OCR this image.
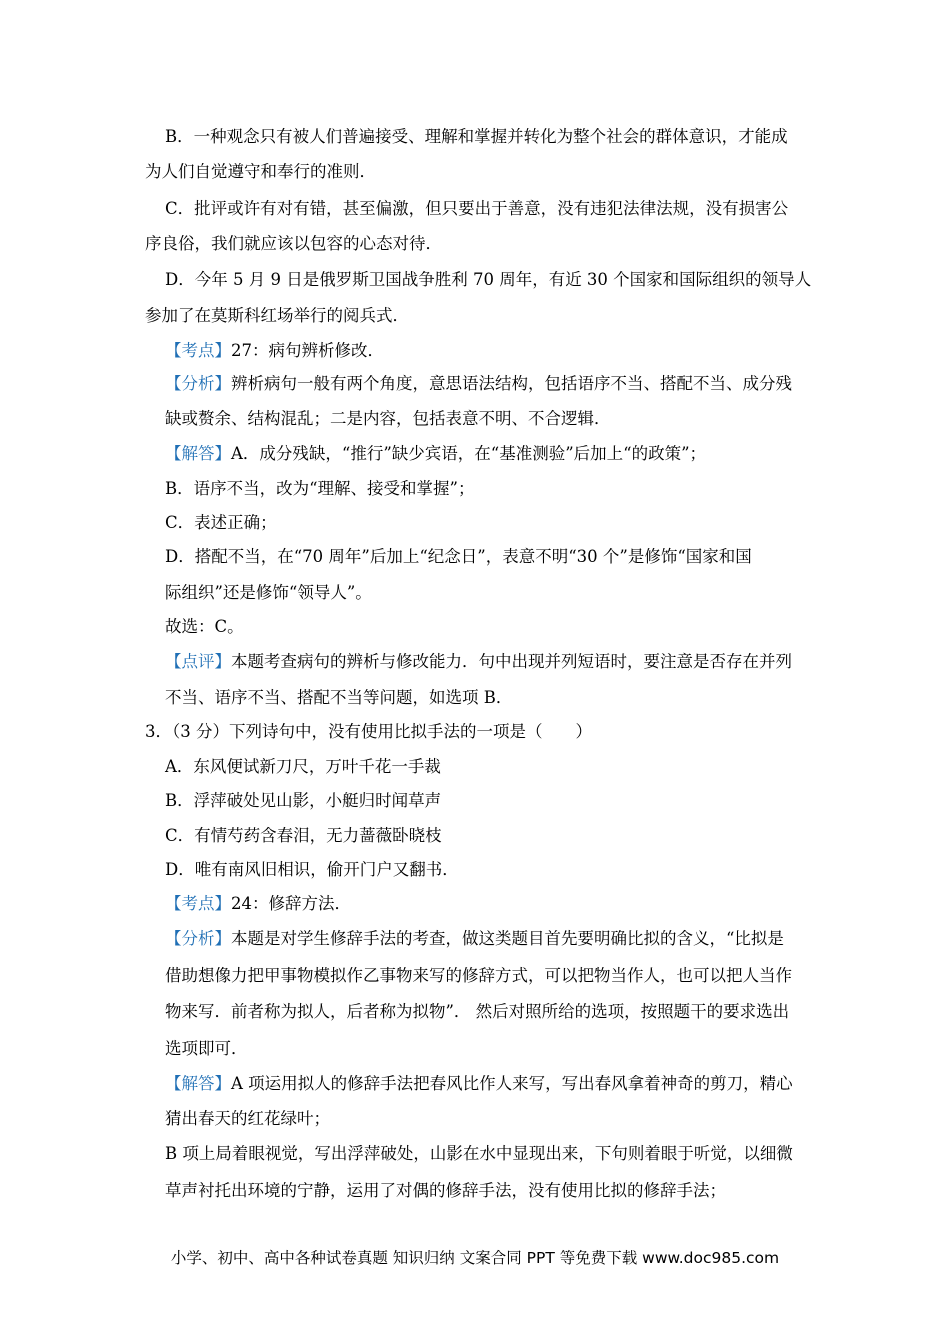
B．一种观念只有被人们普遍接受、理解和掌握并转化为整个社会的群体意识，才能成
为人们自觉遵守和奉行的准则．
C．批评或许有对有错，甚至偏激，但只要出于善意，没有违犯法律法规，没有损害公
序良俗，我们就应该以包容的心态对待．
D．今年 5 月 9 日是俄罗斯卫国战争胜利 70 周年，有近 30 个国家和国际组织的领导人
参加了在莫斯科红场举行的阅兵式．
【考点】27：病句辨析修改．
【分析】辨析病句一般有两个角度，意思语法结构，包括语序不当、搭配不当、成分残
缺或赘余、结构混乱；二是内容，包括表意不明、不合逻辑．
【解答】A．成分残缺，“推行”缺少宾语，在“基准测验”后加上“的政策”；
B．语序不当，改为“理解、接受和掌握”；
C．表述正确；
D．搭配不当，在“70 周年”后加上“纪念日”，表意不明“30 个”是修饰“国家和国
际组织”还是修饰“领导人”。
故选：C。
【点评】本题考查病句的辨析与修改能力．句中出现并列短语时，要注意是否存在并列
不当、语序不当、搭配不当等问题，如选项 B．
3．（3 分）下列诗句中，没有使用比拟手法的一项是（　　）
A．东风便试新刀尺，万叶千花一手裁
B．浮萍破处见山影，小艇归时闻草声
C．有情芍药含春泪，无力蔷薇卧晓枝
D．唯有南风旧相识，偷开门户又翻书．
【考点】24：修辞方法．
【分析】本题是对学生修辞手法的考查，做这类题目首先要明确比拟的含义，“比拟是
借助想像力把甲事物模拟作乙事物来写的修辞方式，可以把物当作人，也可以把人当作
物来写．前者称为拟人，后者称为拟物”． 然后对照所给的选项，按照题干的要求选出
选项即可．
【解答】A 项运用拟人的修辞手法把春风比作人来写，写出春风拿着神奇的剪刀，精心
猜出春天的红花绿叶；
B 项上局着眼视觉，写出浮萍破处，山影在水中显现出来，下句则着眼于听觉，以细微
草声衬托出环境的宁静，运用了对偶的修辞手法，没有使用比拟的修辞手法；
小学、初中、高中各种试卷真题 知识归纳 文案合同 PPT 等免费下载 www.doc985.com
